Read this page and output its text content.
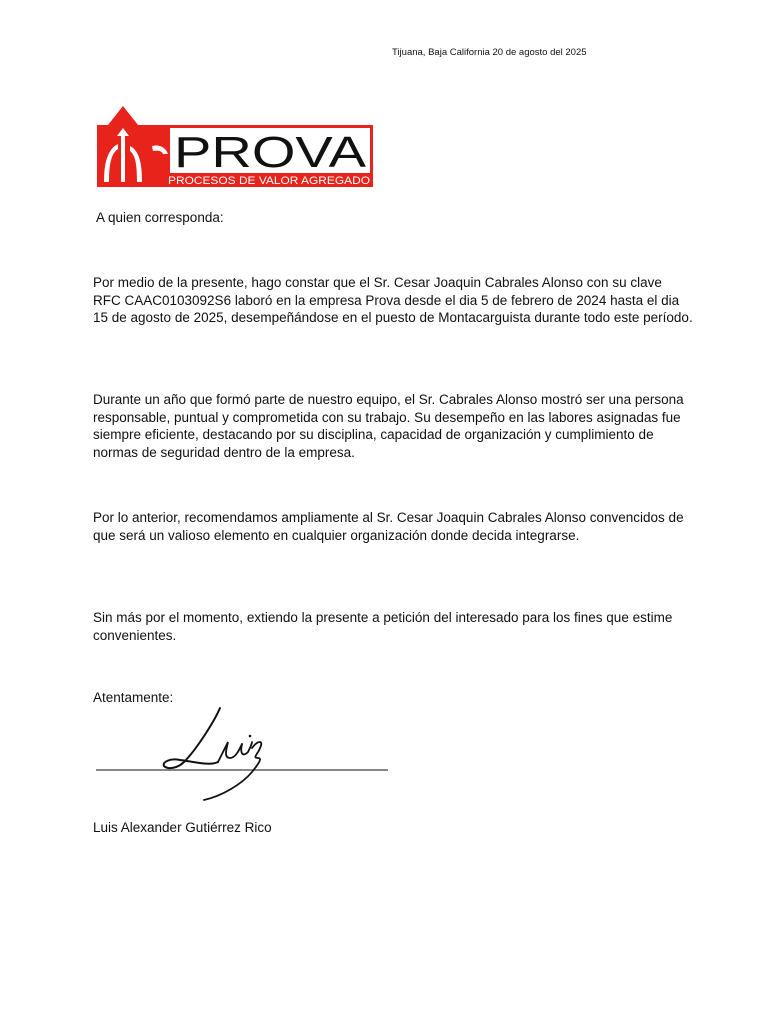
Tijuana, Baja California 20 de agosto del 2025
PROVA
PROCESOS DE VALOR AGREGADO
A quien corresponda:

Por medio de la presente, hago constar que el Sr. Cesar Joaquin Cabrales Alonso con su clave RFC CAAC0103092S6 laboró en la empresa Prova desde el dia 5 de febrero de 2024 hasta el dia 15 de agosto de 2025, desempeñándose en el puesto de Montacarguista durante todo este período.

Durante un año que formó parte de nuestro equipo, el Sr. Cabrales Alonso mostró ser una persona responsable, puntual y comprometida con su trabajo. Su desempeño en las labores asignadas fue siempre eficiente, destacando por su disciplina, capacidad de organización y cumplimiento de normas de seguridad dentro de la empresa.

Por lo anterior, recomendamos ampliamente al Sr. Cesar Joaquin Cabrales Alonso convencidos de que será un valioso elemento en cualquier organización donde decida integrarse.

Sin más por el momento, extiendo la presente a petición del interesado para los fines que estime convenientes.

Atentamente:
Luis Alexander Gutiérrez Rico
